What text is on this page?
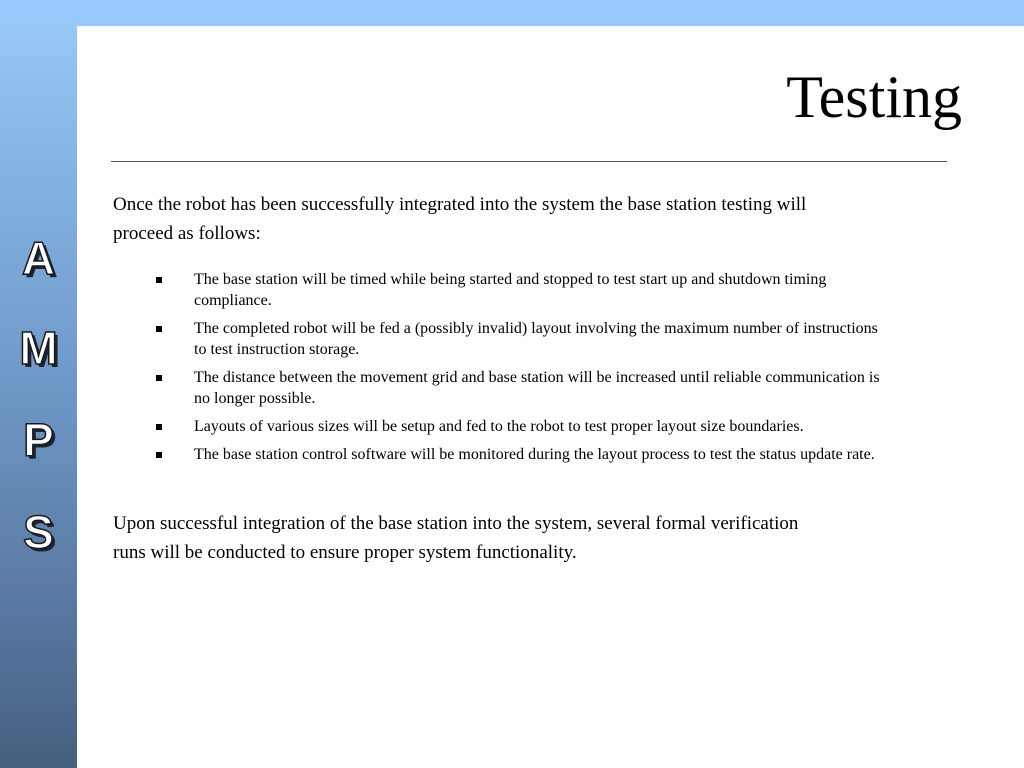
A
M
P
S
Testing

Once the robot has been successfully integrated into the system the base station testing will proceed as follows:

The base station will be timed while being started and stopped to test start up and shutdown timing compliance.
The completed robot will be fed a (possibly invalid) layout involving the maximum number of instructions to test instruction storage.
The distance between the movement grid and base station will be increased until reliable communication is no longer possible.
Layouts of various sizes will be setup and fed to the robot to test proper layout size boundaries.
The base station control software will be monitored during the layout process to test the status update rate.

Upon successful integration of the base station into the system, several formal verification runs will be conducted to ensure proper system functionality.
